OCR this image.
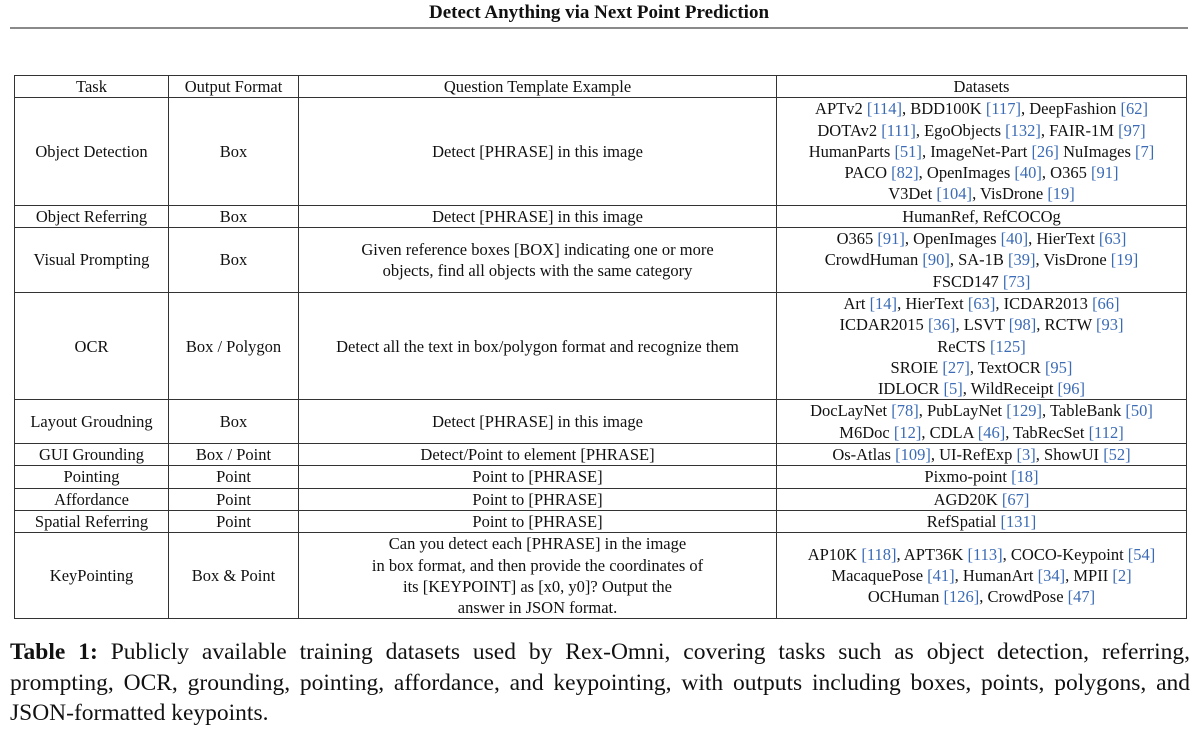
Detect Anything via Next Point Prediction
Task	Output Format	Question Template Example	Datasets
Object Detection	Box	Detect [PHRASE] in this image	APTv2 [114], BDD100K [117], DeepFashion [62]
DOTAv2 [111], EgoObjects [132], FAIR-1M [97]
HumanParts [51], ImageNet-Part [26] NuImages [7]
PACO [82], OpenImages [40], O365 [91]
V3Det [104], VisDrone [19]

Object Referring	Box	Detect [PHRASE] in this image	HumanRef, RefCOCOg

Visual Prompting	Box	Given reference boxes [BOX] indicating one or more
objects, find all objects with the same category	O365 [91], OpenImages [40], HierText [63]
CrowdHuman [90], SA-1B [39], VisDrone [19]
FSCD147 [73]

OCR	Box / Polygon	Detect all the text in box/polygon format and recognize them	Art [14], HierText [63], ICDAR2013 [66]
ICDAR2015 [36], LSVT [98], RCTW [93]
ReCTS [125]
SROIE [27], TextOCR [95]
IDLOCR [5], WildReceipt [96]

Layout Groudning	Box	Detect [PHRASE] in this image	DocLayNet [78], PubLayNet [129], TableBank [50]
M6Doc [12], CDLA [46], TabRecSet [112]

GUI Grounding	Box / Point	Detect/Point to element [PHRASE]	Os-Atlas [109], UI-RefExp [3], ShowUI [52]

Pointing	Point	Point to [PHRASE]	Pixmo-point [18]

Affordance	Point	Point to [PHRASE]	AGD20K [67]

Spatial Referring	Point	Point to [PHRASE]	RefSpatial [131]

KeyPointing	Box & Point	Can you detect each [PHRASE] in the image
in box format, and then provide the coordinates of
its [KEYPOINT] as [x0, y0]? Output the
answer in JSON format.	AP10K [118], APT36K [113], COCO-Keypoint [54]
MacaquePose [41], HumanArt [34], MPII [2]
OCHuman [126], CrowdPose [47]
Table 1: Publicly available training datasets used by Rex-Omni, covering tasks such as object detection, referring, prompting, OCR, grounding, pointing, affordance, and keypointing, with outputs including boxes, points, polygons, and JSON-formatted keypoints.
